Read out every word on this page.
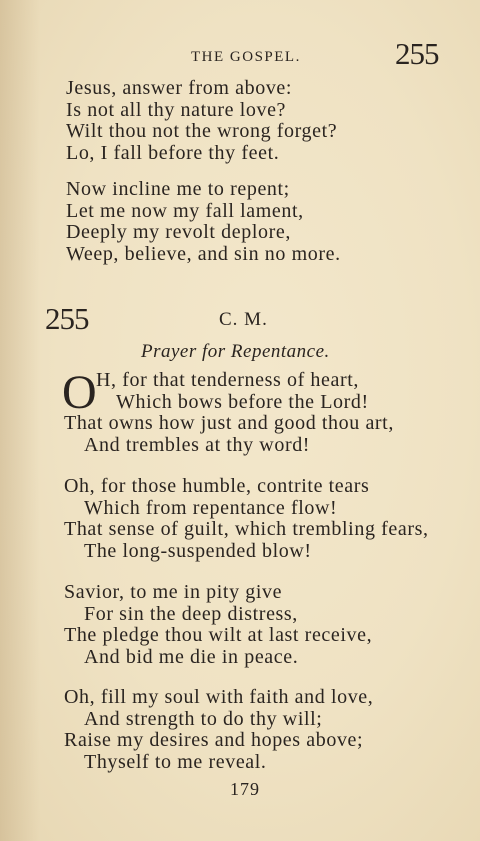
THE GOSPEL.	255
Jesus, answer from above:
Is not all thy nature love?
Wilt thou not the wrong forget?
Lo, I fall before thy feet.
Now incline me to repent;
Let me now my fall lament,
Deeply my revolt deplore,
Weep, believe, and sin no more.
255	C. M.
Prayer for Repentance.
O H, for that tenderness of heart,
Which bows before the Lord!
That owns how just and good thou art,
And trembles at thy word!
Oh, for those humble, contrite tears
Which from repentance flow!
That sense of guilt, which trembling fears,
The long-suspended blow!
Savior, to me in pity give
For sin the deep distress,
The pledge thou wilt at last receive,
And bid me die in peace.
Oh, fill my soul with faith and love,
And strength to do thy will;
Raise my desires and hopes above;
Thyself to me reveal.
179
